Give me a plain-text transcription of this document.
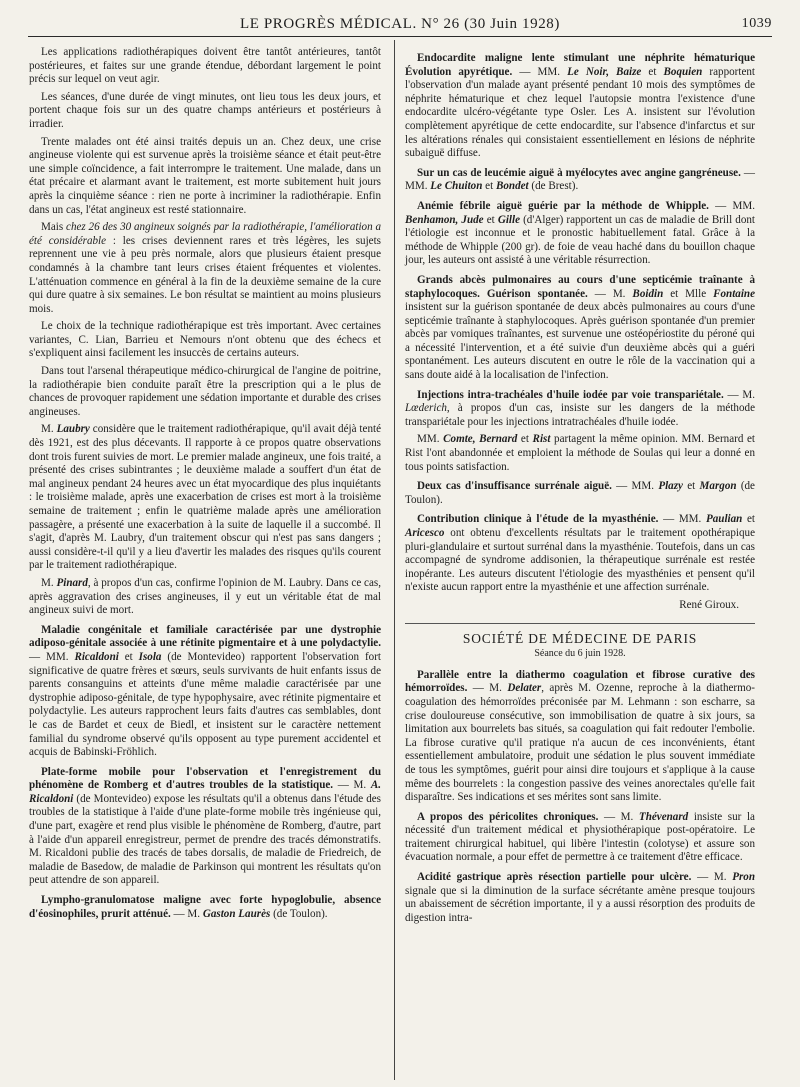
LE PROGRÈS MÉDICAL. N° 26 (30 Juin 1928)	1039

Les applications radiothérapiques doivent être tantôt antérieures, tantôt postérieures, et faites sur une grande étendue, débordant largement le point précis sur lequel on veut agir.

Les séances, d'une durée de vingt minutes, ont lieu tous les deux jours, et portent chaque fois sur un des quatre champs antérieurs et postérieurs à irradier.

Trente malades ont été ainsi traités depuis un an. Chez deux, une crise angineuse violente qui est survenue après la troisième séance et était peut-être une simple coïncidence, a fait interrompre le traitement. Une malade, dans un état précaire et alarmant avant le traitement, est morte subitement huit jours après la cinquième séance : rien ne porte à incriminer la radiothérapie. Enfin dans un cas, l'état angineux est resté stationnaire.

Mais chez 26 des 30 angineux soignés par la radiothérapie, l'amélioration a été considérable : les crises deviennent rares et très légères, les sujets reprennent une vie à peu près normale, alors que plusieurs étaient presque condamnés à la chambre tant leurs crises étaient fréquentes et violentes. L'atténuation commence en général à la fin de la deuxième semaine de la cure qui dure quatre à six semaines. Le bon résultat se maintient au moins plusieurs mois.

Le choix de la technique radiothérapique est très important. Avec certaines variantes, C. Lian, Barrieu et Nemours n'ont obtenu que des échecs et s'expliquent ainsi facilement les insuccès de certains auteurs.

Dans tout l'arsenal thérapeutique médico-chirurgical de l'angine de poitrine, la radiothérapie bien conduite paraît être la prescription qui a le plus de chances de provoquer rapidement une sédation importante et durable des crises angineuses.

M. Laubry considère que le traitement radiothérapique, qu'il avait déjà tenté dès 1921, est des plus décevants. Il rapporte à ce propos quatre observations dont trois furent suivies de mort. Le premier malade angineux, une fois traité, a présenté des crises subintrantes ; le deuxième malade a souffert d'un état de mal angineux pendant 24 heures avec un état myocardique des plus inquiétants : le troisième malade, après une exacerbation de crises est mort à la troisième semaine de traitement ; enfin le quatrième malade après une amélioration passagère, a présenté une exacerbation à la suite de laquelle il a succombé. Il s'agit, d'après M. Laubry, d'un traitement obscur qui n'est pas sans dangers ; aussi considère-t-il qu'il y a lieu d'avertir les malades des risques qu'ils courent par le traitement radiothérapique.

M. Pinard, à propos d'un cas, confirme l'opinion de M. Laubry. Dans ce cas, après aggravation des crises angineuses, il y eut un véritable état de mal angineux suivi de mort.

Maladie congénitale et familiale caractérisée par une dystrophie adiposo-génitale associée à une rétinite pigmentaire et à une polydactylie. — MM. Ricaldoni et Isola (de Montevideo) rapportent l'observation fort significative de quatre frères et sœurs, seuls survivants de huit enfants issus de parents consanguins et atteints d'une même maladie caractérisée par une dystrophie adiposo-génitale, de type hypophysaire, avec rétinite pigmentaire et polydactylie. Les auteurs rapprochent leurs faits d'autres cas semblables, dont le cas de Bardet et ceux de Biedl, et insistent sur le caractère nettement familial du syndrome observé qu'ils opposent au type purement accidentel et acquis de Babinski-Fröhlich.

Plate-forme mobile pour l'observation et l'enregistrement du phénomène de Romberg et d'autres troubles de la statistique. — M. A. Ricaldoni (de Montevideo) expose les résultats qu'il a obtenus dans l'étude des troubles de la statistique à l'aide d'une plate-forme mobile très ingénieuse qui, d'une part, exagère et rend plus visible le phénomène de Romberg, d'autre, part à l'aide d'un appareil enregistreur, permet de prendre des tracés démonstratifs. M. Ricaldoni publie des tracés de tabes dorsalis, de maladie de Friedreich, de maladie de Basedow, de maladie de Parkinson qui montrent les résultats qu'on peut attendre de son appareil.

Lympho-granulomatose maligne avec forte hypoglobulie, absence d'éosinophiles, prurit atténué. — M. Gaston Laurès (de Toulon).

Endocardite maligne lente stimulant une néphrite hématurique Évolution apyrétique. — MM. Le Noir, Baize et Boquien rapportent l'observation d'un malade ayant présenté pendant 10 mois des symptômes de néphrite hématurique et chez lequel l'autopsie montra l'existence d'une endocardite ulcéro-végétante type Osler. Les A. insistent sur l'évolution complètement apyrétique de cette endocardite, sur l'absence d'infarctus et sur les altérations rénales qui consistaient essentiellement en lésions de néphrite subaiguë diffuse.

Sur un cas de leucémie aiguë à myélocytes avec angine gangréneuse. — MM. Le Chuiton et Bondet (de Brest).

Anémie fébrile aiguë guérie par la méthode de Whipple. — MM. Benhamon, Jude et Gille (d'Alger) rapportent un cas de maladie de Brill dont l'étiologie est inconnue et le pronostic habituellement fatal. Grâce à la méthode de Whipple (200 gr). de foie de veau haché dans du bouillon chaque jour, les auteurs ont assisté à une véritable résurrection.

Grands abcès pulmonaires au cours d'une septicémie traînante à staphylocoques. Guérison spontanée. — M. Boidin et Mlle Fontaine insistent sur la guérison spontanée de deux abcès pulmonaires au cours d'une septicémie traînante à staphylocoques. Après guérison spontanée d'un premier abcès par vomiques traînantes, est survenue une ostéopériostite du péroné qui a nécessité l'intervention, et a été suivie d'un deuxième abcès qui a guéri spontanément. Les auteurs discutent en outre le rôle de la vaccination qui a sans doute aidé à la localisation de l'infection.

Injections intra-trachéales d'huile iodée par voie transpariétale. — M. Lœderich, à propos d'un cas, insiste sur les dangers de la méthode transpariétale pour les injections intratrachéales d'huile iodée.

MM. Comte, Bernard et Rist partagent la même opinion. MM. Bernard et Rist l'ont abandonnée et emploient la méthode de Soulas qui leur a donné en tous points satisfaction.

Deux cas d'insuffisance surrénale aiguë. — MM. Plazy et Margon (de Toulon).

Contribution clinique à l'étude de la myasthénie. — MM. Paulian et Aricesco ont obtenu d'excellents résultats par le traitement opothérapique pluri-glandulaire et surtout surrénal dans la myasthénie. Toutefois, dans un cas accompagné de syndrome addisonien, la thérapeutique surrénale est restée inopérante. Les auteurs discutent l'étiologie des myasthénies et pensent qu'il n'existe aucun rapport entre la myasthénie et une affection surrénale.

René Giroux.

SOCIÉTÉ DE MÉDECINE DE PARIS
Séance du 6 juin 1928.

Parallèle entre la diathermo coagulation et fibrose curative des hémorroïdes. — M. Delater, après M. Ozenne, reproche à la diathermo-coagulation des hémorroïdes préconisée par M. Lehmann : son escharre, sa crise douloureuse consécutive, son immobilisation de quatre à six jours, sa limitation aux bourrelets bas situés, sa coagulation qui fait redouter l'embolie. La fibrose curative qu'il pratique n'a aucun de ces inconvénients, étant essentiellement ambulatoire, produit une sédation le plus souvent immédiate de tous les symptômes, guérit pour ainsi dire toujours et s'applique à la cause même des bourrelets : la congestion passive des veines anorectales qu'elle fait disparaître. Ses indications et ses mérites sont sans limite.

A propos des péricolites chroniques. — M. Thévenard insiste sur la nécessité d'un traitement médical et physiothérapique post-opératoire. Le traitement chirurgical habituel, qui libère l'intestin (colotyse) et assure son évacuation normale, a pour effet de permettre à ce traitement d'être efficace.

Acidité gastrique après résection partielle pour ulcère. — M. Pron signale que si la diminution de la surface sécrétante amène presque toujours un abaissement de sécrétion importante, il y a aussi résorption des produits de digestion intra-
